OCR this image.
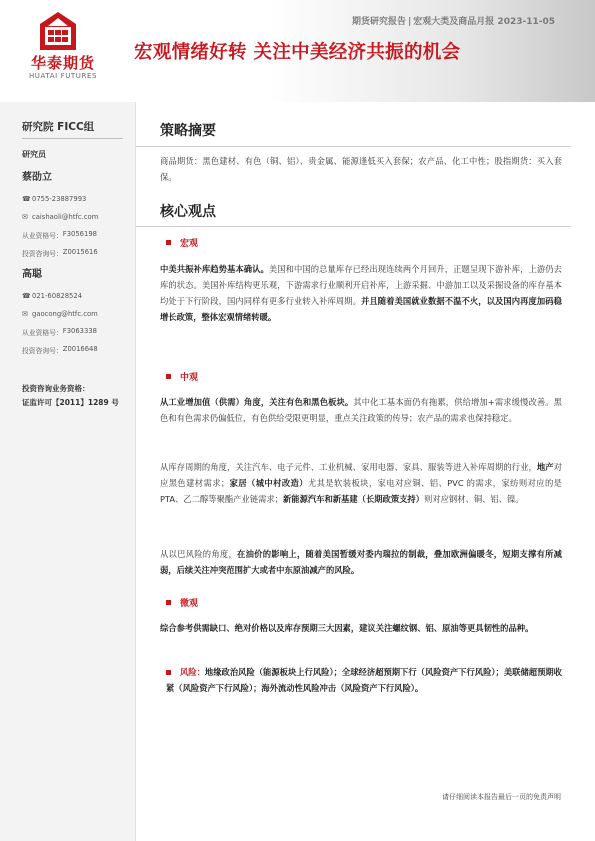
华泰期货
HUATAI FUTURES
期货研究报告 | 宏观大类及商品月报 2023-11-05
宏观情绪好转 关注中美经济共振的机会
研究院 FICC组
研究员
蔡劭立
☎ 0755-23887993
✉ caishaoli@htfc.com
从业资格号： F3056198
投资咨询号： Z0015616
高聪
☎ 021-60828524
✉ gaocong@htfc.com
从业资格号： F3063338
投资咨询号： Z0016648
投资咨询业务资格：
证监许可【2011】1289 号
策略摘要
商品期货：黑色建材、有色（铜、铝）、贵金属、能源逢低买入套保；农产品、化工中性；股指期货：买入套保。
核心观点
宏观
中美共振补库趋势基本确认。美国和中国的总量库存已经出现连续两个月回升，正题呈现下游补库，上游仍去库的状态。美国补库结构更乐观，下游需求行业顺利开启补库，上游采掘、中游加工以及采掘设备的库存基本均处于下行阶段，国内同样有更多行业转入补库周期。并且随着美国就业数据不温不火，以及国内再度加码稳增长政策，整体宏观情绪转暖。
中观
从工业增加值（供需）角度，关注有色和黑色板块。其中化工基本面仍有拖累，供给增加+需求缓慢改善。黑色和有色需求仍偏低位，有色供给受限更明显，重点关注政策的传导；农产品的需求也保持稳定。
从库存周期的角度，关注汽车、电子元件、工业机械、家用电器、家具、服装等进入补库周期的行业，地产对应黑色建材需求；家居（城中村改造）尤其是软装板块，家电对应铜、铝、PVC 的需求，家纺则对应的是 PTA、乙二醇等聚酯产业链需求；新能源汽车和新基建（长期政策支持）则对应钢材、铜、铝、镍。
从以巴风险的角度，在油价的影响上，随着美国暂缓对委内瑞拉的制裁，叠加欧洲偏暖冬，短期支撑有所减弱，后续关注冲突范围扩大或者中东原油减产的风险。
微观
综合参考供需缺口、绝对价格以及库存预期三大因素，建议关注螺纹钢、铝、原油等更具韧性的品种。
风险：地缘政治风险（能源板块上行风险）；全球经济超预期下行（风险资产下行风险）；美联储超预期收紧（风险资产下行风险）；海外流动性风险冲击（风险资产下行风险）。
请仔细阅读本报告最后一页的免责声明
